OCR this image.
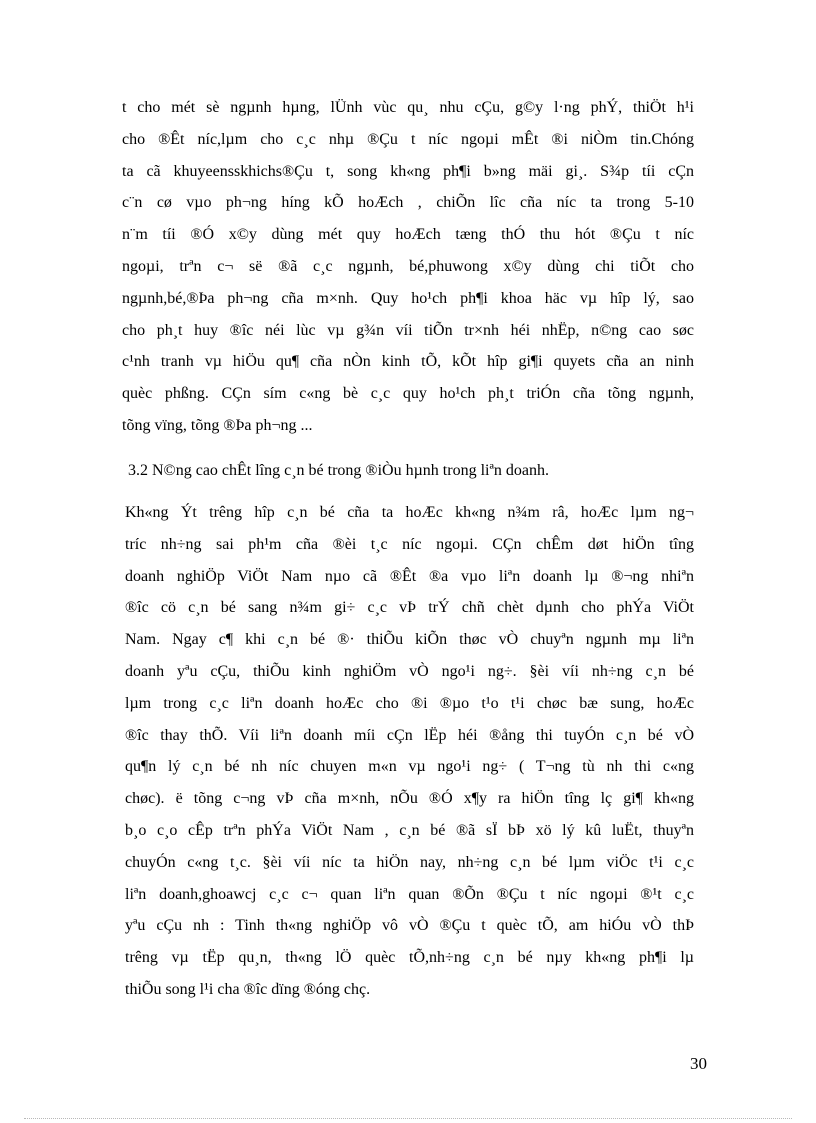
t cho mét sè ngµnh hµng, lÜnh vùc qu¸ nhu cÇu, g©y l·ng phÝ, thiÖt h¹i
cho ®Êt níc,lµm cho c¸c nhµ ®Çu t níc ngoµi mÊt ®i niÒm tin.Chóng
ta cã khuyeensskhichs®Çu t, song kh«ng ph¶i b»ng mäi gi¸. S¾p tíi cÇn
c¨n cø vµo ph¬ng híng kÕ hoÆch , chiÕn lîc cña níc ta trong 5-10
n¨m tíi ®Ó x©y dùng mét quy hoÆch tæng thÓ thu hót ®Çu t níc
ngoµi, trªn c¬ së ®ã c¸c ngµnh, bé,phuwong x©y dùng chi tiÕt cho
ngµnh,bé,®Þa ph¬ng cña m×nh. Quy ho¹ch ph¶i khoa häc vµ hîp lý, sao
cho ph¸t huy ®îc néi lùc vµ g¾n víi tiÕn tr×nh héi nhËp, n©ng cao søc
c¹nh tranh vµ hiÖu qu¶ cña nÒn kinh tÕ, kÕt hîp gi¶i quyets cña an ninh
quèc phßng. CÇn sím c«ng bè c¸c quy ho¹ch ph¸t triÓn cña tõng ngµnh,
tõng vïng, tõng ®Þa ph¬ng ...
3.2 N©ng cao chÊt lîng c¸n bé trong ®iÒu hµnh trong liªn doanh.
Kh«ng Ýt trêng hîp c¸n bé cña ta hoÆc kh«ng n¾m râ, hoÆc lµm ng¬
tríc nh÷ng sai ph¹m cña ®èi t¸c níc ngoµi. CÇn chÊm døt hiÖn tîng
doanh nghiÖp ViÖt Nam nµo cã ®Êt ®a vµo liªn doanh lµ ®¬ng nhiªn
®îc cö c¸n bé sang n¾m gi÷ c¸c vÞ trÝ chñ chèt dµnh cho phÝa ViÖt
Nam. Ngay c¶ khi c¸n bé ®· thiÕu kiÕn thøc vÒ chuyªn ngµnh mµ liªn
doanh yªu cÇu, thiÕu kinh nghiÖm vÒ ngo¹i ng÷. §èi víi nh÷ng c¸n bé
lµm trong c¸c liªn doanh hoÆc cho ®i ®µo t¹o t¹i chøc bæ sung, hoÆc
®îc thay thÕ. Víi liªn doanh míi cÇn lËp héi ®ång thi tuyÓn c¸n bé vÒ
qu¶n lý c¸n bé nh níc chuyen m«n vµ ngo¹i ng÷ ( T¬ng tù nh thi c«ng
chøc). ë tõng c¬ng vÞ cña m×nh, nÕu ®Ó x¶y ra hiÖn tîng lç gi¶ kh«ng
b¸o c¸o cÊp trªn phÝa ViÖt Nam , c¸n bé ®ã sÏ bÞ xö lý kû luËt, thuyªn
chuyÓn c«ng t¸c. §èi víi níc ta hiÖn nay, nh÷ng c¸n bé lµm viÖc t¹i c¸c
liªn doanh,ghoawcj c¸c c¬ quan liªn quan ®Õn ®Çu t níc ngoµi ®¹t c¸c
yªu cÇu nh : Tinh th«ng nghiÖp vô vÒ ®Çu t quèc tÕ, am hiÓu vÒ thÞ
trêng vµ tËp qu¸n, th«ng lÖ quèc tÕ,nh÷ng c¸n bé nµy kh«ng ph¶i lµ
thiÕu song l¹i cha ®îc dïng ®óng chç.
30
